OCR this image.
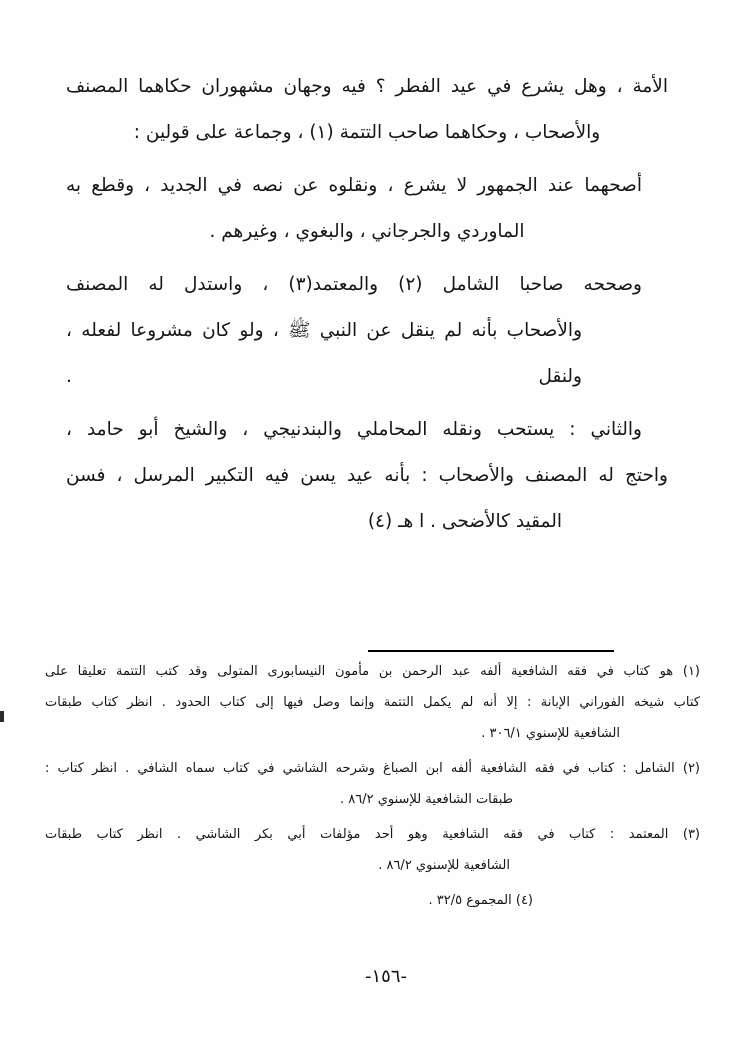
الأمة ، وهل يشرع في عيد الفطر ؟ فيه وجهان مشهوران حكاهما المصنف
والأصحاب ، وحكاهما صاحب التتمة (١) ، وجماعة على قولين :
أصحهما عند الجمهور لا يشرع ، ونقلوه عن نصه في الجديد ، وقطع به
الماوردي والجرجاني ، والبغوي ، وغيرهم .
وصححه صاحبا الشامل (٢) والمعتمد(٣) ، واستدل له المصنف
والأصحاب بأنه لم ينقل عن النبي ﷺ ، ولو كان مشروعا لفعله ، ولنقل .
والثاني : يستحب ونقله المحاملي والبندنيجي ، والشيخ أبو حامد ،
واحتج له المصنف والأصحاب : بأنه عيد يسن فيه التكبير المرسل ، فسن
المقيد كالأضحى . ا هـ (٤)
(١) هو كتاب في فقه الشافعية ألفه عبد الرحمن بن مأمون النيسابورى المتولى وقد كتب التتمة تعليقا على
كتاب شيخه الفوراني الإبانة : إلا أنه لم يكمل التتمة وإنما وصل فيها إلى كتاب الحدود . انظر كتاب طبقات
الشافعية للإسنوي ٣٠٦/١ .
(٢) الشامل : كتاب في فقه الشافعية ألفه ابن الصباغ وشرحه الشاشي في كتاب سماه الشافي . انظر كتاب :
طبقات الشافعية للإسنوي ٨٦/٢ .
(٣) المعتمد : كتاب في فقه الشافعية وهو أحد مؤلفات أبي بكر الشاشي . انظر كتاب طبقات
الشافعية للإسنوي ٨٦/٢ .
(٤) المجموع ٣٢/٥ .
-١٥٦-
